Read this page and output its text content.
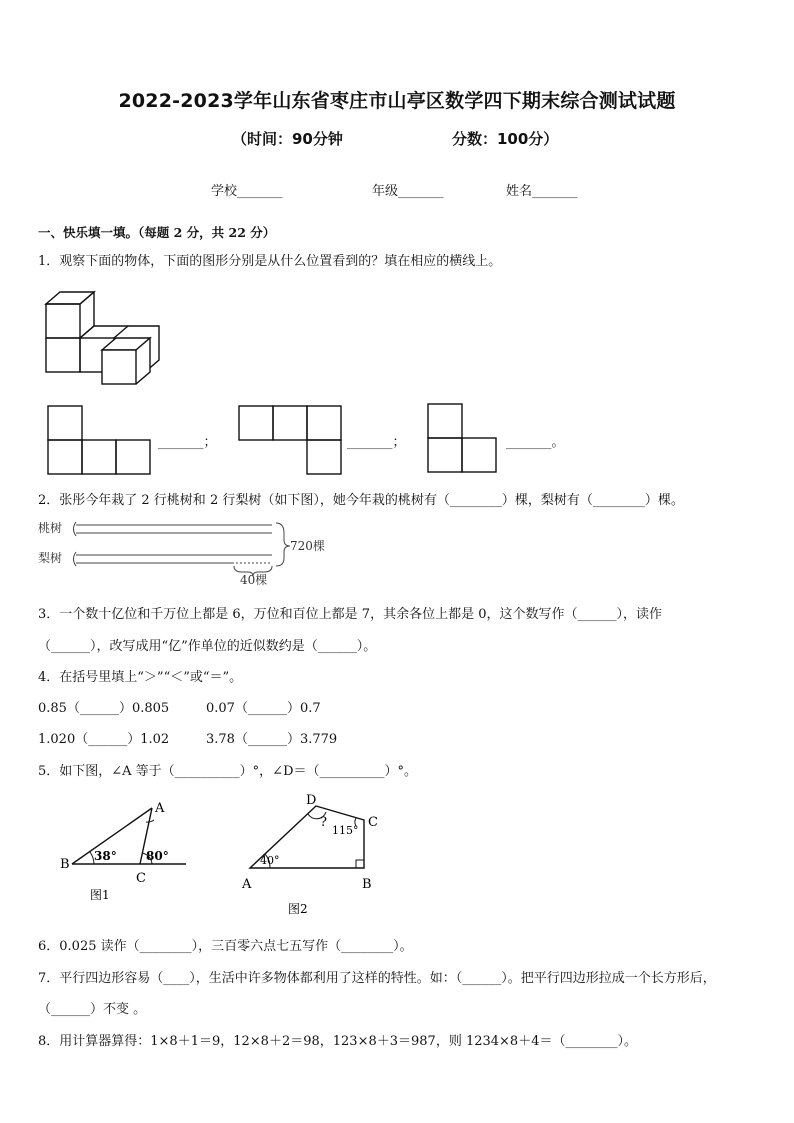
2022-2023学年山东省枣庄市山亭区数学四下期末综合测试试题
（时间：90分钟	分数：100分）
学校_______	年级_______	姓名_______
一、快乐填一填。（每题 2 分，共 22 分）
1．观察下面的物体，下面的图形分别是从什么位置看到的？填在相应的横线上。
_______；	_______；	_______。
2．张彤今年栽了 2 行桃树和 2 行梨树（如下图），她今年栽的桃树有（________）棵，梨树有（________）棵。
桃树
梨树
720棵
40棵
3．一个数十亿位和千万位上都是 6，万位和百位上都是 7，其余各位上都是 0，这个数写作（______），读作
（______），改写成用“亿”作单位的近似数约是（______）。
4．在括号里填上“＞”“＜”或“＝”。
0.85（______）0.805	0.07（______）0.7
1.020（______）1.02	3.78（______）3.779
5．如下图，∠A 等于（__________）°，∠D＝（__________）°。
A
B
C
38° 80°
图1
D
C
A	B
40°
115°
?
图2
6．0.025 读作（________），三百零六点七五写作（________）。
7．平行四边形容易（____），生活中许多物体都利用了这样的特性。如：（______）。把平行四边形拉成一个长方形后，
（______）不变 。
8．用计算器算得：1×8＋1＝9，12×8＋2＝98，123×8＋3＝987，则 1234×8＋4＝（________）。
